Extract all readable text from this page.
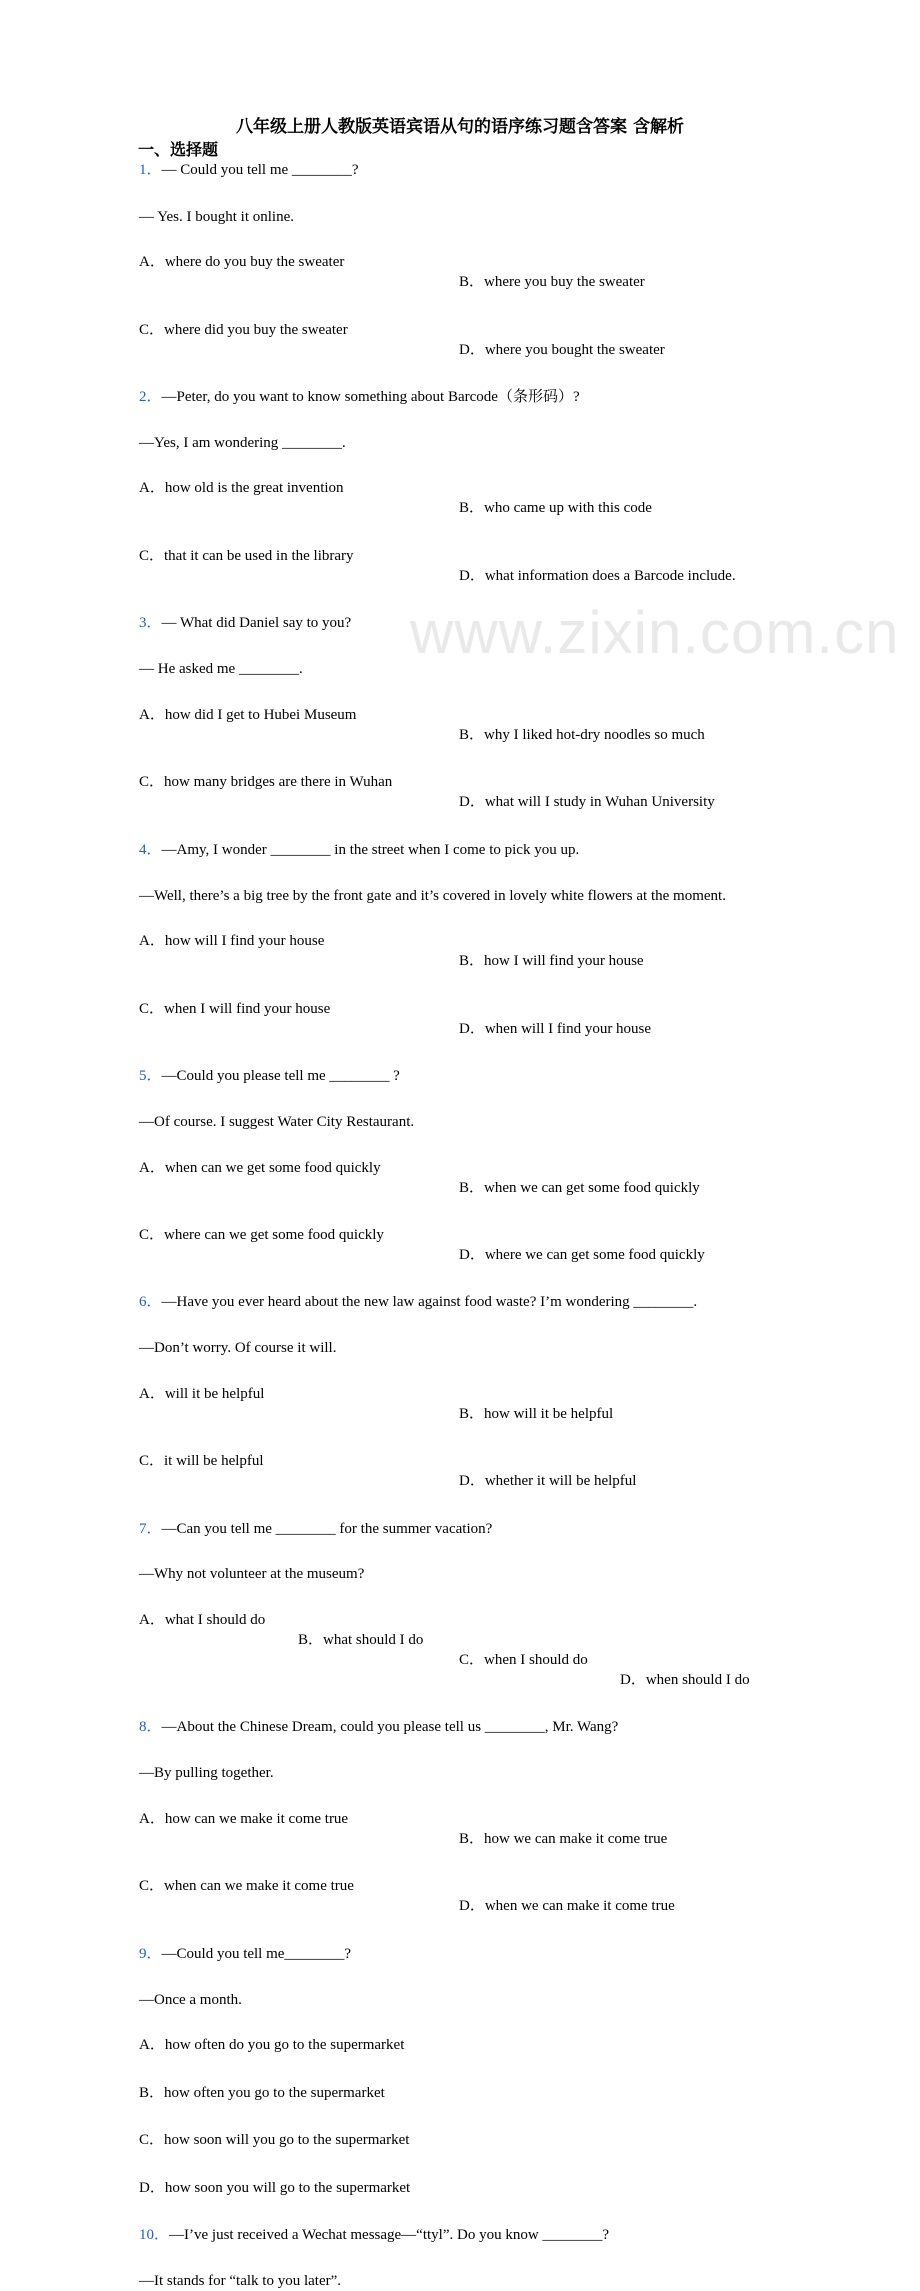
www.zixin.com.cn
八年级上册人教版英语宾语从句的语序练习题含答案 含解析
一、选择题
1．— Could you tell me ________?
— Yes. I bought it online.
A．where do you buy the sweater
B．where you buy the sweater
C．where did you buy the sweater
D．where you bought the sweater
2．—Peter, do you want to know something about Barcode（条形码）?
—Yes, I am wondering ________.
A．how old is the great invention
B．who came up with this code
C．that it can be used in the library
D．what information does a Barcode include.
3．— What did Daniel say to you?
— He asked me ________.
A．how did I get to Hubei Museum
B．why I liked hot-dry noodles so much
C．how many bridges are there in Wuhan
D．what will I study in Wuhan University
4．—Amy, I wonder ________ in the street when I come to pick you up.
—Well, there’s a big tree by the front gate and it’s covered in lovely white flowers at the moment.
A．how will I find your house
B．how I will find your house
C．when I will find your house
D．when will I find your house
5．—Could you please tell me ________ ?
—Of course. I suggest Water City Restaurant.
A．when can we get some food quickly
B．when we can get some food quickly
C．where can we get some food quickly
D．where we can get some food quickly
6．—Have you ever heard about the new law against food waste? I’m wondering ________.
—Don’t worry. Of course it will.
A．will it be helpful
B．how will it be helpful
C．it will be helpful
D．whether it will be helpful
7．—Can you tell me ________ for the summer vacation?
—Why not volunteer at the museum?
A．what I should do
B．what should I do
C．when I should do
D．when should I do
8．—About the Chinese Dream, could you please tell us ________, Mr. Wang?
—By pulling together.
A．how can we make it come true
B．how we can make it come true
C．when can we make it come true
D．when we can make it come true
9．—Could you tell me________?
—Once a month.
A．how often do you go to the supermarket
B．how often you go to the supermarket
C．how soon will you go to the supermarket
D．how soon you will go to the supermarket
10．—I’ve just received a Wechat message—“ttyl”. Do you know ________?
—It stands for “talk to you later”.
